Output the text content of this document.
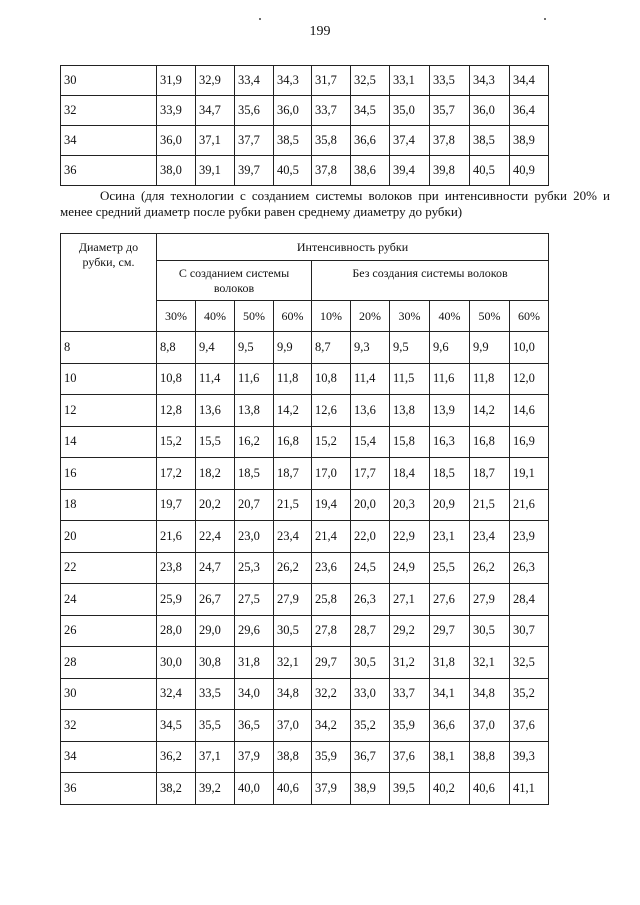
199
30	31,9	32,9	33,4	34,3	31,7	32,5	33,1	33,5	34,3	34,4
32	33,9	34,7	35,6	36,0	33,7	34,5	35,0	35,7	36,0	36,4
34	36,0	37,1	37,7	38,5	35,8	36,6	37,4	37,8	38,5	38,9
36	38,0	39,1	39,7	40,5	37,8	38,6	39,4	39,8	40,5	40,9
Осина (для технологии с созданием системы волоков при интенсивности рубки 20% и менее средний диаметр после рубки равен среднему диаметру до рубки)
Диаметр до рубки, см.	Интенсивность рубки									
	С созданием системы волоков				Без создания системы волоков					
	30%	40%	50%	60%	10%	20%	30%	40%	50%	60%
8	8,8	9,4	9,5	9,9	8,7	9,3	9,5	9,6	9,9	10,0
10	10,8	11,4	11,6	11,8	10,8	11,4	11,5	11,6	11,8	12,0
12	12,8	13,6	13,8	14,2	12,6	13,6	13,8	13,9	14,2	14,6
14	15,2	15,5	16,2	16,8	15,2	15,4	15,8	16,3	16,8	16,9
16	17,2	18,2	18,5	18,7	17,0	17,7	18,4	18,5	18,7	19,1
18	19,7	20,2	20,7	21,5	19,4	20,0	20,3	20,9	21,5	21,6
20	21,6	22,4	23,0	23,4	21,4	22,0	22,9	23,1	23,4	23,9
22	23,8	24,7	25,3	26,2	23,6	24,5	24,9	25,5	26,2	26,3
24	25,9	26,7	27,5	27,9	25,8	26,3	27,1	27,6	27,9	28,4
26	28,0	29,0	29,6	30,5	27,8	28,7	29,2	29,7	30,5	30,7
28	30,0	30,8	31,8	32,1	29,7	30,5	31,2	31,8	32,1	32,5
30	32,4	33,5	34,0	34,8	32,2	33,0	33,7	34,1	34,8	35,2
32	34,5	35,5	36,5	37,0	34,2	35,2	35,9	36,6	37,0	37,6
34	36,2	37,1	37,9	38,8	35,9	36,7	37,6	38,1	38,8	39,3
36	38,2	39,2	40,0	40,6	37,9	38,9	39,5	40,2	40,6	41,1
